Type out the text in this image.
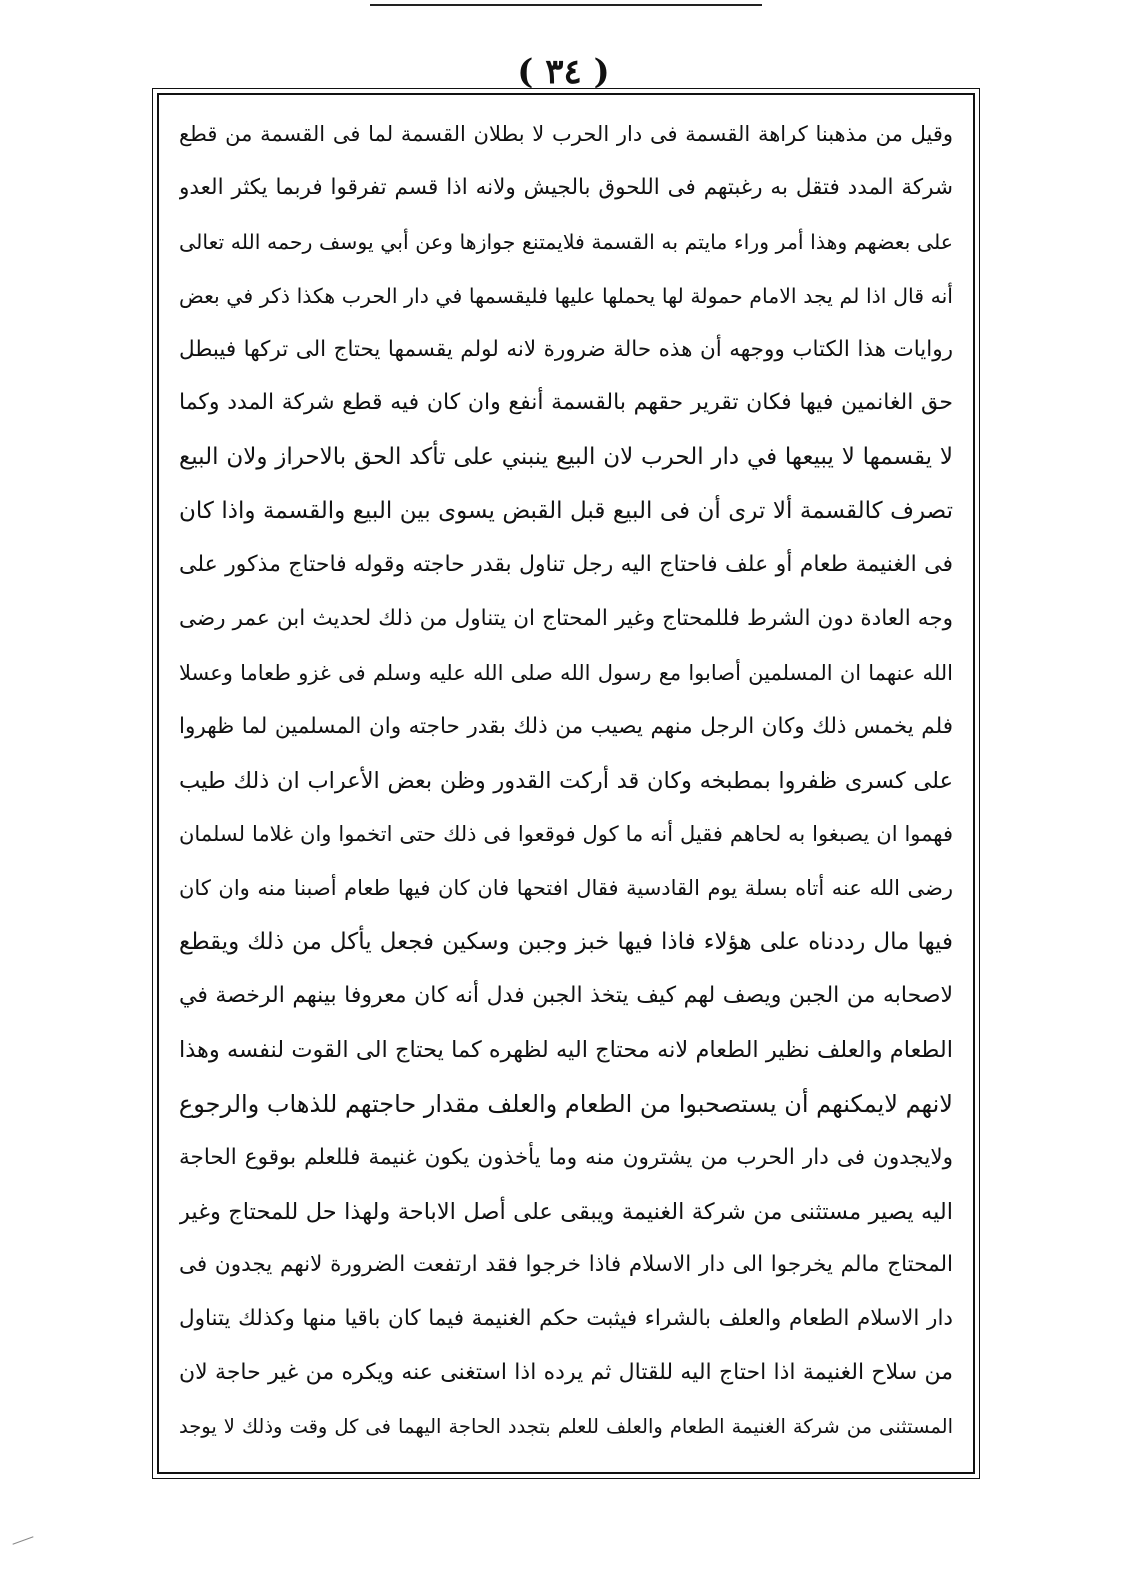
( ٣٤ )
وقيل من مذهبنا كراهة القسمة فى دار الحرب لا بطلان القسمة لما فى القسمة من قطع
شركة المدد فتقل به رغبتهم فى اللحوق بالجيش ولانه اذا قسم تفرقوا فربما يكثر العدو
على بعضهم وهذا أمر وراء مايتم به القسمة فلايمتنع جوازها وعن أبي يوسف رحمه الله تعالى
أنه قال اذا لم يجد الامام حمولة لها يحملها عليها فليقسمها في دار الحرب هكذا ذكر في بعض
روايات هذا الكتاب ووجهه أن هذه حالة ضرورة لانه لولم يقسمها يحتاج الى تركها فيبطل
حق الغانمين فيها فكان تقرير حقهم بالقسمة أنفع وان كان فيه قطع شركة المدد وكما
لا يقسمها لا يبيعها في دار الحرب لان البيع ينبني على تأكد الحق بالاحراز ولان البيع
تصرف كالقسمة ألا ترى أن فى البيع قبل القبض يسوى بين البيع والقسمة واذا كان
فى الغنيمة طعام أو علف فاحتاج اليه رجل تناول بقدر حاجته وقوله فاحتاج مذكور على
وجه العادة دون الشرط فللمحتاج وغير المحتاج ان يتناول من ذلك لحديث ابن عمر رضى
الله عنهما ان المسلمين أصابوا مع رسول الله صلى الله عليه وسلم فى غزو طعاما وعسلا
فلم يخمس ذلك وكان الرجل منهم يصيب من ذلك بقدر حاجته وان المسلمين لما ظهروا
على كسرى ظفروا بمطبخه وكان قد أركت القدور وظن بعض الأعراب ان ذلك طيب
فهموا ان يصبغوا به لحاهم فقيل أنه ما كول فوقعوا فى ذلك حتى اتخموا وان غلاما لسلمان
رضى الله عنه أتاه بسلة يوم القادسية فقال افتحها فان كان فيها طعام أصبنا منه وان كان
فيها مال رددناه على هؤلاء فاذا فيها خبز وجبن وسكين فجعل يأكل من ذلك ويقطع
لاصحابه من الجبن ويصف لهم كيف يتخذ الجبن فدل أنه كان معروفا بينهم الرخصة في
الطعام والعلف نظير الطعام لانه محتاج اليه لظهره كما يحتاج الى القوت لنفسه وهذا
لانهم لايمكنهم أن يستصحبوا من الطعام والعلف مقدار حاجتهم للذهاب والرجوع
ولايجدون فى دار الحرب من يشترون منه وما يأخذون يكون غنيمة فللعلم بوقوع الحاجة
اليه يصير مستثنى من شركة الغنيمة ويبقى على أصل الاباحة ولهذا حل للمحتاج وغير
المحتاج مالم يخرجوا الى دار الاسلام فاذا خرجوا فقد ارتفعت الضرورة لانهم يجدون فى
دار الاسلام الطعام والعلف بالشراء فيثبت حكم الغنيمة فيما كان باقيا منها وكذلك يتناول
من سلاح الغنيمة اذا احتاج اليه للقتال ثم يرده اذا استغنى عنه ويكره من غير حاجة لان
المستثنى من شركة الغنيمة الطعام والعلف للعلم بتجدد الحاجة اليهما فى كل وقت وذلك لا يوجد
